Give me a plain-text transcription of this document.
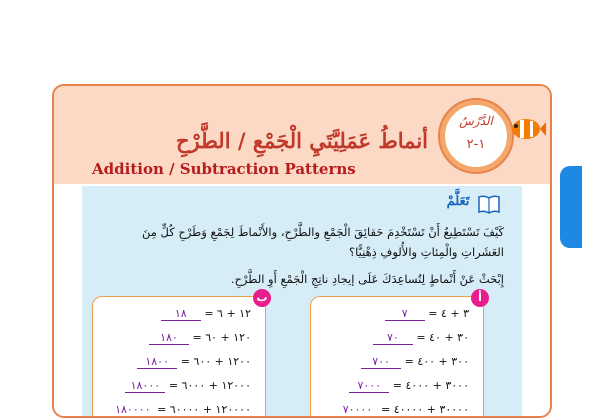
أنماطُ عَمَلِيَّتَيِ الْجَمْعِ / الطَّرْحِ
Addition / Subtraction Patterns
الدَّرْسُ
١-٢
تَعَلَّمْ

كَيْفَ تَسْتَطِيعُ أَنْ تَسْتَخْدِمَ حَقائِقَ الْجَمْعِ والطَّرْحِ، والأَنْماطَ لِجَمْعِ وَطَرْحِ كُلٍّ مِنَ العَشَراتِ والْمِئاتِ والأُلوفِ ذِهْنِيًّا؟

إِبْحَثْ عَنْ أَنْماطٍ لِتُساعِدَكَ عَلَى إيجادِ ناتِجِ الْجَمْعِ أَوِ الطَّرْحِ.

أ
٣ + ٤ = ٧
٣٠ + ٤٠ = ٧٠
٣٠٠ + ٤٠٠ = ٧٠٠
٣٠٠٠ + ٤٠٠٠ = ٧٠٠٠
٣٠٠٠٠ + ٤٠٠٠٠ = ٧٠٠٠٠
ب
١٢ + ٦ = ١٨
١٢٠ + ٦٠ = ١٨٠
١٢٠٠ + ٦٠٠ = ١٨٠٠
١٢٠٠٠ + ٦٠٠٠ = ١٨٠٠٠
١٢٠٠٠٠ + ٦٠٠٠٠ = ١٨٠٠٠٠
